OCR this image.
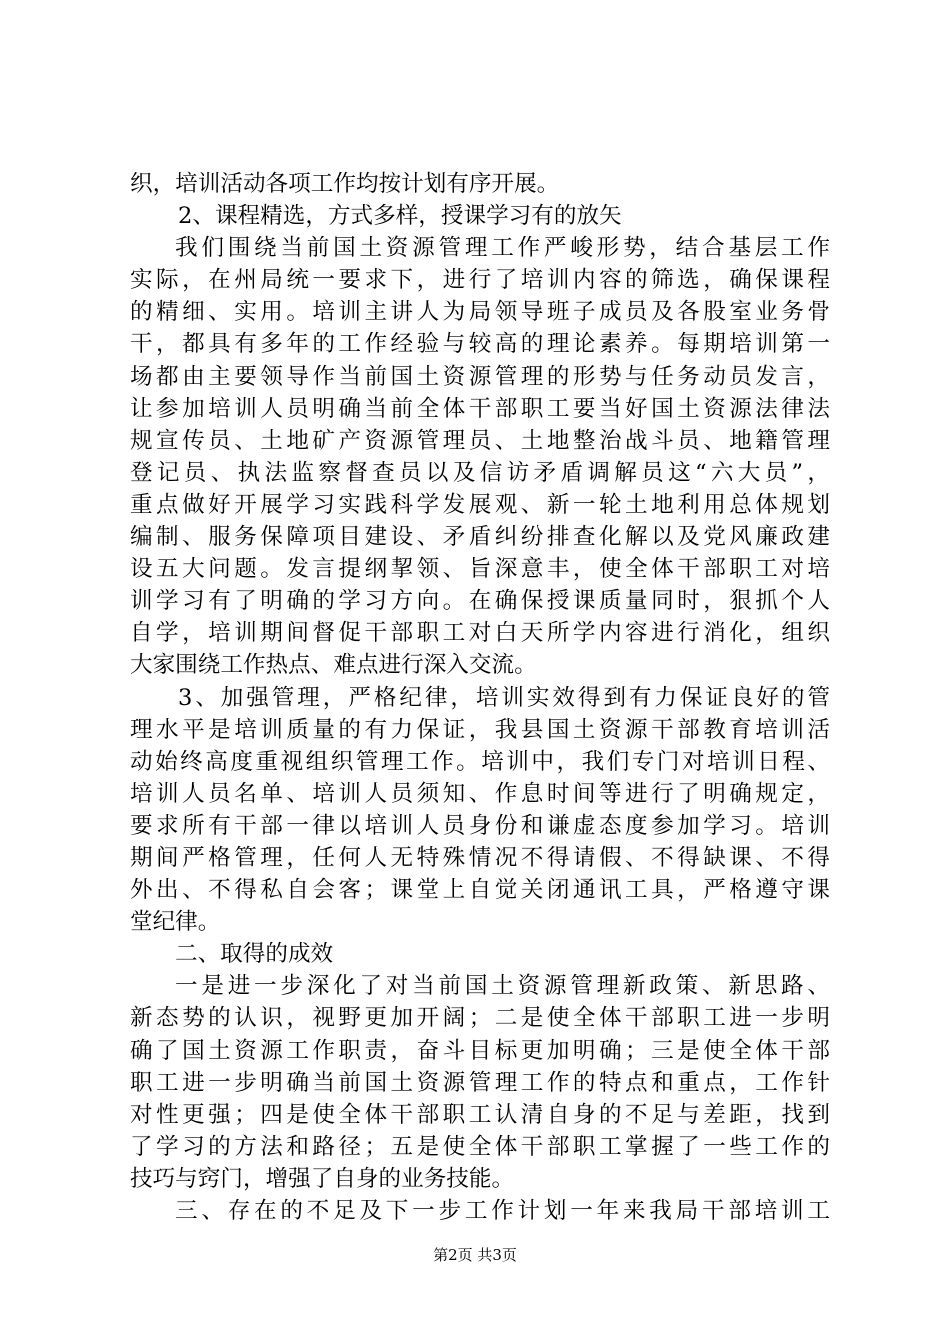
织，培训活动各项工作均按计划有序开展。
2、课程精选，方式多样，授课学习有的放矢
我们围绕当前国土资源管理工作严峻形势，结合基层工作
实际，在州局统一要求下，进行了培训内容的筛选，确保课程
的精细、实用。培训主讲人为局领导班子成员及各股室业务骨
干，都具有多年的工作经验与较高的理论素养。每期培训第一
场都由主要领导作当前国土资源管理的形势与任务动员发言，
让参加培训人员明确当前全体干部职工要当好国土资源法律法
规宣传员、土地矿产资源管理员、土地整治战斗员、地籍管理
登记员、执法监察督查员以及信访矛盾调解员这“六大员”，
重点做好开展学习实践科学发展观、新一轮土地利用总体规划
编制、服务保障项目建设、矛盾纠纷排查化解以及党风廉政建
设五大问题。发言提纲挈领、旨深意丰，使全体干部职工对培
训学习有了明确的学习方向。在确保授课质量同时，狠抓个人
自学，培训期间督促干部职工对白天所学内容进行消化，组织
大家围绕工作热点、难点进行深入交流。
3、加强管理，严格纪律，培训实效得到有力保证良好的管
理水平是培训质量的有力保证，我县国土资源干部教育培训活
动始终高度重视组织管理工作。培训中，我们专门对培训日程、
培训人员名单、培训人员须知、作息时间等进行了明确规定，
要求所有干部一律以培训人员身份和谦虚态度参加学习。培训
期间严格管理，任何人无特殊情况不得请假、不得缺课、不得
外出、不得私自会客；课堂上自觉关闭通讯工具，严格遵守课
堂纪律。
二、取得的成效
一是进一步深化了对当前国土资源管理新政策、新思路、
新态势的认识，视野更加开阔；二是使全体干部职工进一步明
确了国土资源工作职责，奋斗目标更加明确；三是使全体干部
职工进一步明确当前国土资源管理工作的特点和重点，工作针
对性更强；四是使全体干部职工认清自身的不足与差距，找到
了学习的方法和路径；五是使全体干部职工掌握了一些工作的
技巧与窍门，增强了自身的业务技能。
三、存在的不足及下一步工作计划一年来我局干部培训工
第2页 共3页
